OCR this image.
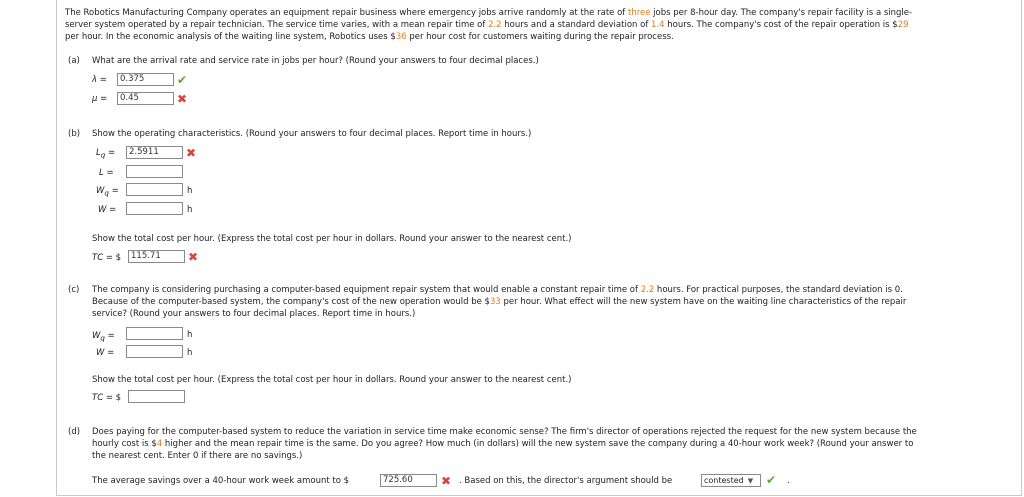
The Robotics Manufacturing Company operates an equipment repair business where emergency jobs arrive randomly at the rate of three jobs per 8-hour day. The company's repair facility is a single-
server system operated by a repair technician. The service time varies, with a mean repair time of 2.2 hours and a standard deviation of 1.4 hours. The company's cost of the repair operation is $29
per hour. In the economic analysis of the waiting line system, Robotics uses $36 per hour cost for customers waiting during the repair process.
(a) What are the arrival rate and service rate in jobs per hour? (Round your answers to four decimal places.)
λ =	0.375	✔
μ =	0.45	✖
(b) Show the operating characteristics. (Round your answers to four decimal places. Report time in hours.)
$L_q$ =	2.5911	✖
L =
$W_q$ =	h
W =	h
Show the total cost per hour. (Express the total cost per hour in dollars. Round your answer to the nearest cent.)
TC = $	115.71	✖
(c) The company is considering purchasing a computer-based equipment repair system that would enable a constant repair time of 2.2 hours. For practical purposes, the standard deviation is 0.
Because of the computer-based system, the company's cost of the new operation would be $33 per hour. What effect will the new system have on the waiting line characteristics of the repair
service? (Round your answers to four decimal places. Report time in hours.)
$W_q$ =	h
W =	h
Show the total cost per hour. (Express the total cost per hour in dollars. Round your answer to the nearest cent.)
TC = $
(d) Does paying for the computer-based system to reduce the variation in service time make economic sense? The firm's director of operations rejected the request for the new system because the
hourly cost is $4 higher and the mean repair time is the same. Do you agree? How much (in dollars) will the new system save the company during a 40-hour work week? (Round your answer to
the nearest cent. Enter 0 if there are no savings.)
The average savings over a 40-hour work week amount to $	725.60	✖ . Based on this, the director's argument should be	contested ▼	✔ .
